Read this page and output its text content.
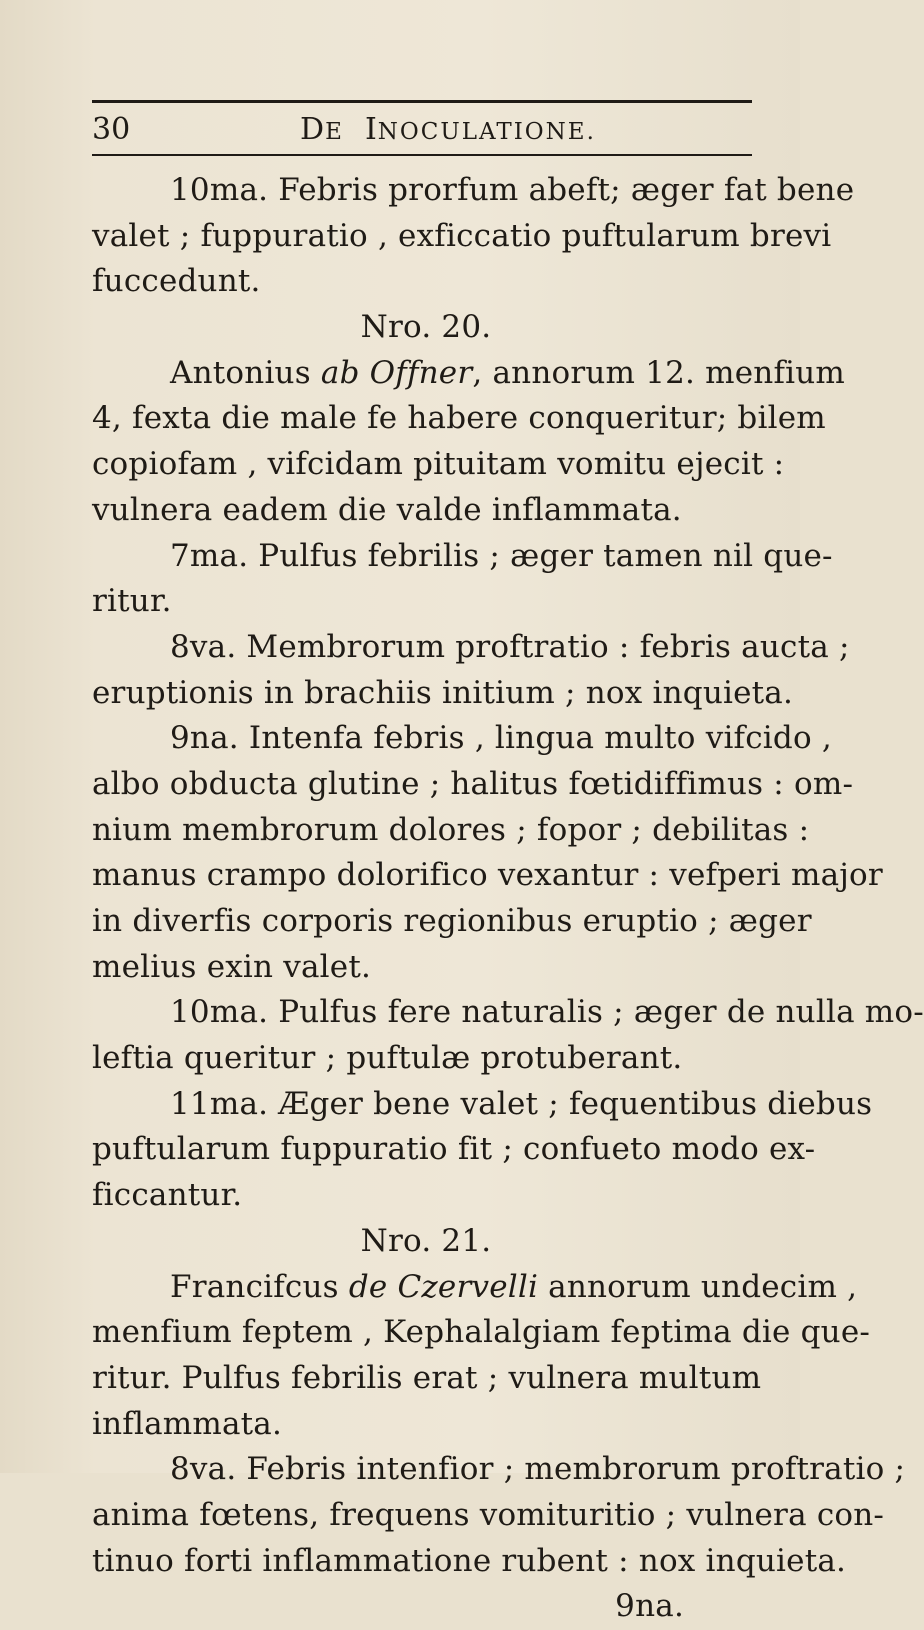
30	DE INOCULATIONE.
10ma. Febris prorfum abeft; æger fat bene
valet ; fuppuratio , exficcatio puftularum brevi
fuccedunt.
Nro. 20.
Antonius ab Offner, annorum 12. menfium
4, fexta die male fe habere conqueritur; bilem
copiofam , vifcidam pituitam vomitu ejecit :
vulnera eadem die valde inflammata.
7ma. Pulfus febrilis ; æger tamen nil que-
ritur.
8va. Membrorum proftratio : febris aucta ;
eruptionis in brachiis initium ; nox inquieta.
9na. Intenfa febris , lingua multo vifcido ,
albo obducta glutine ; halitus fœtidiffimus : om-
nium membrorum dolores ; fopor ; debilitas :
manus crampo dolorifico vexantur : vefperi major
in diverfis corporis regionibus eruptio ; æger
melius exin valet.
10ma. Pulfus fere naturalis ; æger de nulla mo-
leftia queritur ; puftulæ protuberant.
11ma. Æger bene valet ; fequentibus diebus
puftularum fuppuratio fit ; confueto modo ex-
ficcantur.
Nro. 21.
Francifcus de Czervelli annorum undecim ,
menfium feptem , Kephalalgiam feptima die que-
ritur. Pulfus febrilis erat ; vulnera multum
inflammata.
8va. Febris intenfior ; membrorum proftratio ;
anima fœtens, frequens vomituritio ; vulnera con-
tinuo forti inflammatione rubent : nox inquieta.
9na.
